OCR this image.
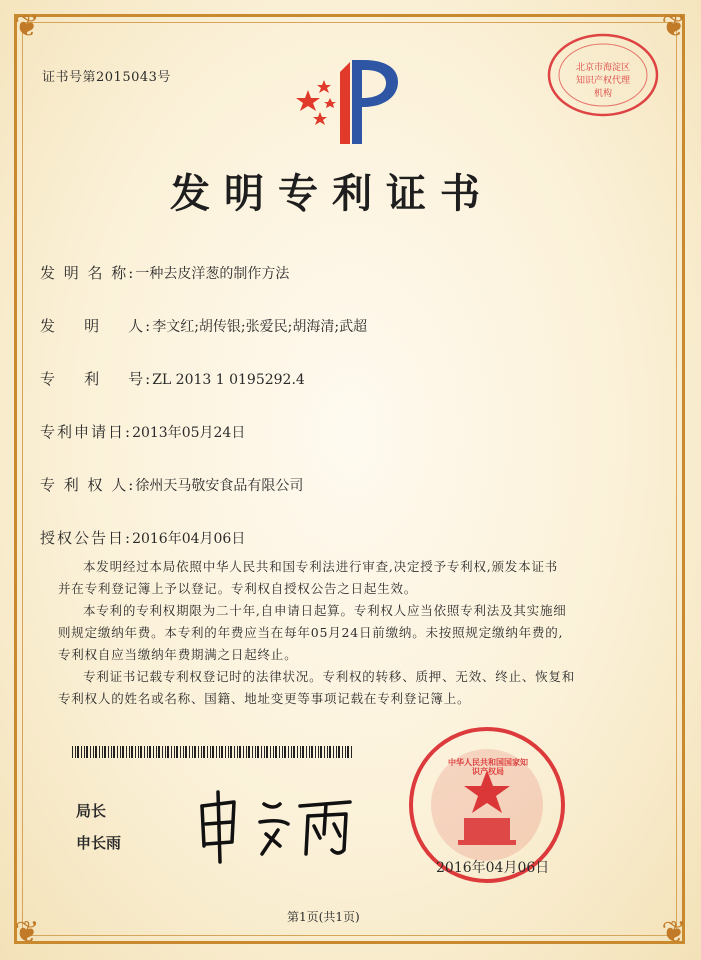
❦	❦
❦	❦
证书号第2015043号
北京市海淀区知识产权代理机构
发明专利证书
发 明 名 称:一种去皮洋葱的制作方法
发    明    人:李文红;胡传银;张爱民;胡海清;武超
专    利    号:ZL 2013 1 0195292.4
专利申请日:2013年05月24日
专 利 权 人:徐州天马敬安食品有限公司
授权公告日:2016年04月06日

本发明经过本局依照中华人民共和国专利法进行审查,决定授予专利权,颁发本证书

并在专利登记簿上予以登记。专利权自授权公告之日起生效。

本专利的专利权期限为二十年,自申请日起算。专利权人应当依照专利法及其实施细

则规定缴纳年费。本专利的年费应当在每年05月24日前缴纳。未按照规定缴纳年费的,

专利权自应当缴纳年费期满之日起终止。

专利证书记载专利权登记时的法律状况。专利权的转移、质押、无效、终止、恢复和

专利权人的姓名或名称、国籍、地址变更等事项记载在专利登记簿上。

局长
申长雨
中华人民共和国国家知识产权局
2016年04月06日
第1页(共1页)
